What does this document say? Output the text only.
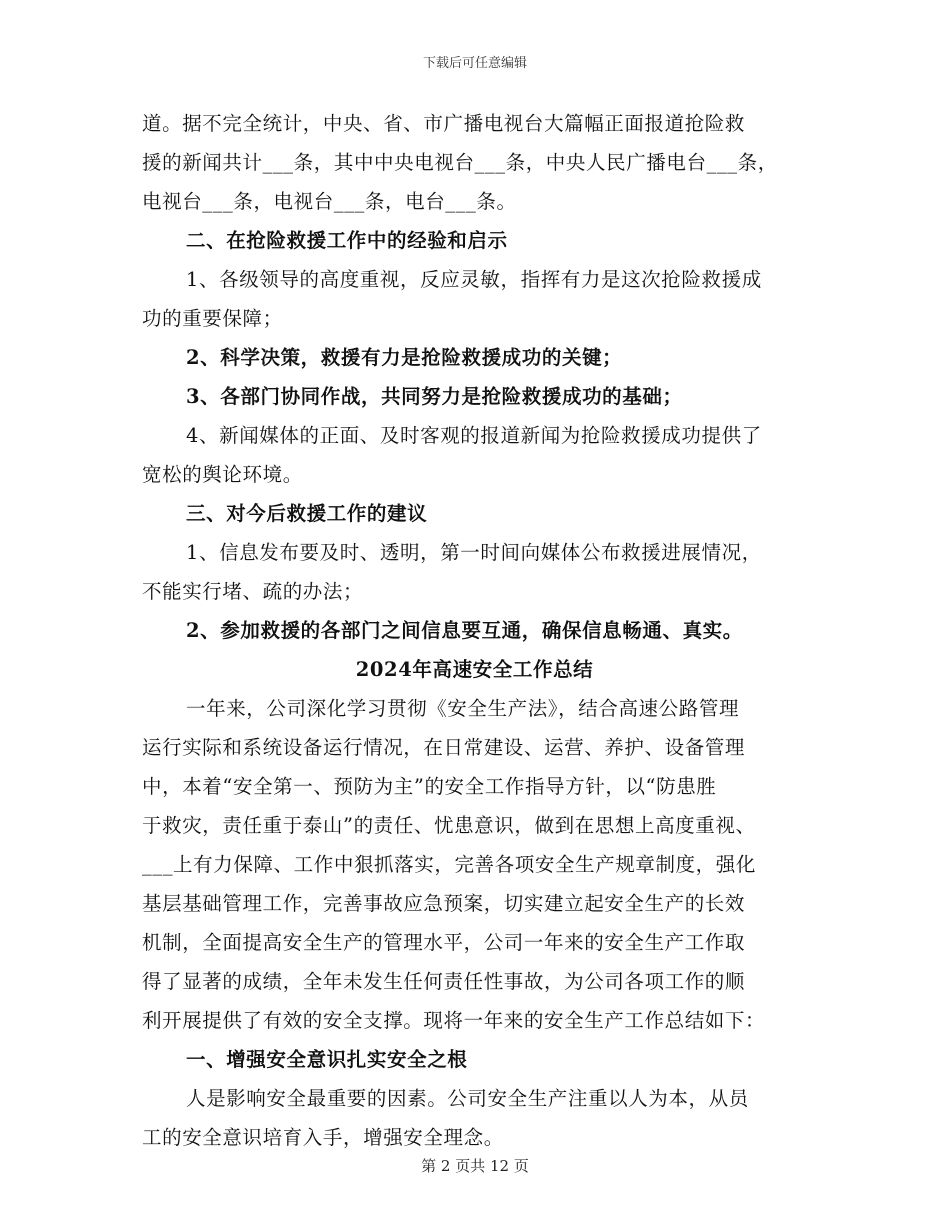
下载后可任意编辑
道。据不完全统计，中央、省、市广播电视台大篇幅正面报道抢险救
援的新闻共计___条，其中中央电视台___条，中央人民广播电台___条，
电视台___条，电视台___条，电台___条。
二、在抢险救援工作中的经验和启示
1、各级领导的高度重视，反应灵敏，指挥有力是这次抢险救援成
功的重要保障；
2、科学决策，救援有力是抢险救援成功的关键；
3、各部门协同作战，共同努力是抢险救援成功的基础；
4、新闻媒体的正面、及时客观的报道新闻为抢险救援成功提供了
宽松的舆论环境。
三、对今后救援工作的建议
1、信息发布要及时、透明，第一时间向媒体公布救援进展情况，
不能实行堵、疏的办法；
2、参加救援的各部门之间信息要互通，确保信息畅通、真实。
2024年高速安全工作总结
一年来，公司深化学习贯彻《安全生产法》，结合高速公路管理
运行实际和系统设备运行情况，在日常建设、运营、养护、设备管理
中，本着“安全第一、预防为主”的安全工作指导方针，以“防患胜
于救灾，责任重于泰山”的责任、忧患意识，做到在思想上高度重视、
___上有力保障、工作中狠抓落实，完善各项安全生产规章制度，强化
基层基础管理工作，完善事故应急预案，切实建立起安全生产的长效
机制，全面提高安全生产的管理水平，公司一年来的安全生产工作取
得了显著的成绩，全年未发生任何责任性事故，为公司各项工作的顺
利开展提供了有效的安全支撑。现将一年来的安全生产工作总结如下：
一、增强安全意识扎实安全之根
人是影响安全最重要的因素。公司安全生产注重以人为本，从员
工的安全意识培育入手，增强安全理念。
第 2 页共 12 页
